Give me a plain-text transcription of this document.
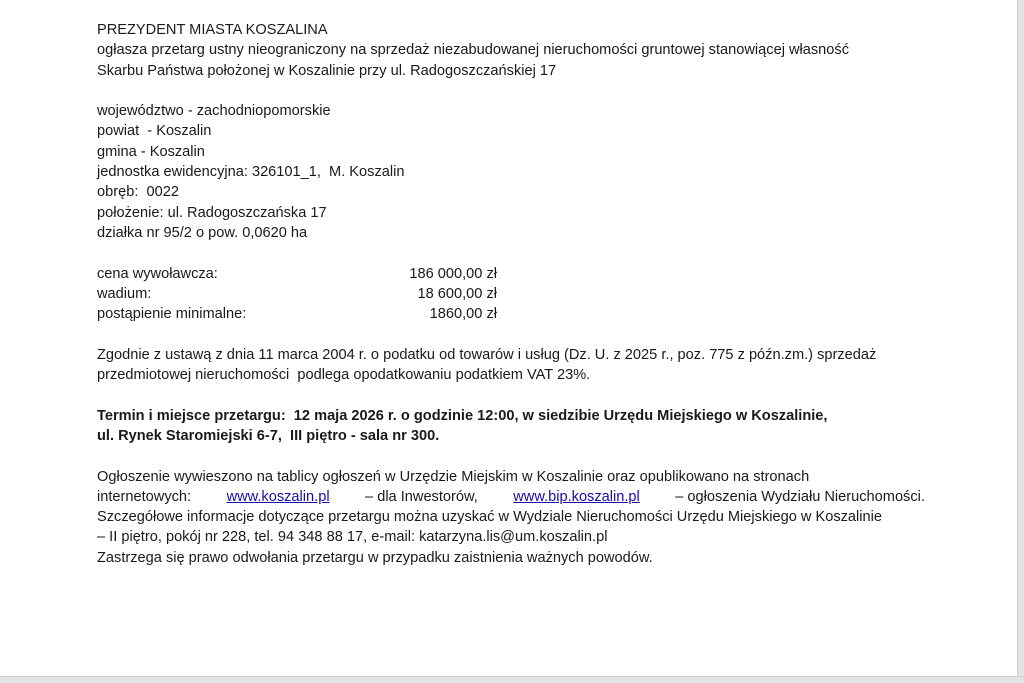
PREZYDENT MIASTA KOSZALINA

ogłasza przetarg ustny nieograniczony na sprzedaż niezabudowanej nieruchomości gruntowej stanowiącej własność

Skarbu Państwa położonej w Koszalinie przy ul. Radogoszczańskiej 17

województwo - zachodniopomorskie

powiat  - Koszalin

gmina - Koszalin

jednostka ewidencyjna: 326101_1,  M. Koszalin

obręb:  0022

położenie: ul. Radogoszczańska 17

działka nr 95/2 o pow. 0,0620 ha

cena wywoławcza:	186 000,00 zł
wadium:	18 600,00 zł
postąpienie minimalne:	1860,00 zł

Zgodnie z ustawą z dnia 11 marca 2004 r. o podatku od towarów i usług (Dz. U. z 2025 r., poz. 775 z późn.zm.) sprzedaż

przedmiotowej nieruchomości  podlega opodatkowaniu podatkiem VAT 23%.

Termin i miejsce przetargu:  12 maja 2026 r. o godzinie 12:00, w siedzibie Urzędu Miejskiego w Koszalinie,

ul. Rynek Staromiejski 6-7,  III piętro - sala nr 300.

Ogłoszenie wywieszono na tablicy ogłoszeń w Urzędzie Miejskim w Koszalinie oraz opublikowano na stronach

internetowych: www.koszalin.pl – dla Inwestorów, www.bip.koszalin.pl – ogłoszenia Wydziału Nieruchomości.

Szczegółowe informacje dotyczące przetargu można uzyskać w Wydziale Nieruchomości Urzędu Miejskiego w Koszalinie

– II piętro, pokój nr 228, tel. 94 348 88 17, e-mail: katarzyna.lis@um.koszalin.pl

Zastrzega się prawo odwołania przetargu w przypadku zaistnienia ważnych powodów.
